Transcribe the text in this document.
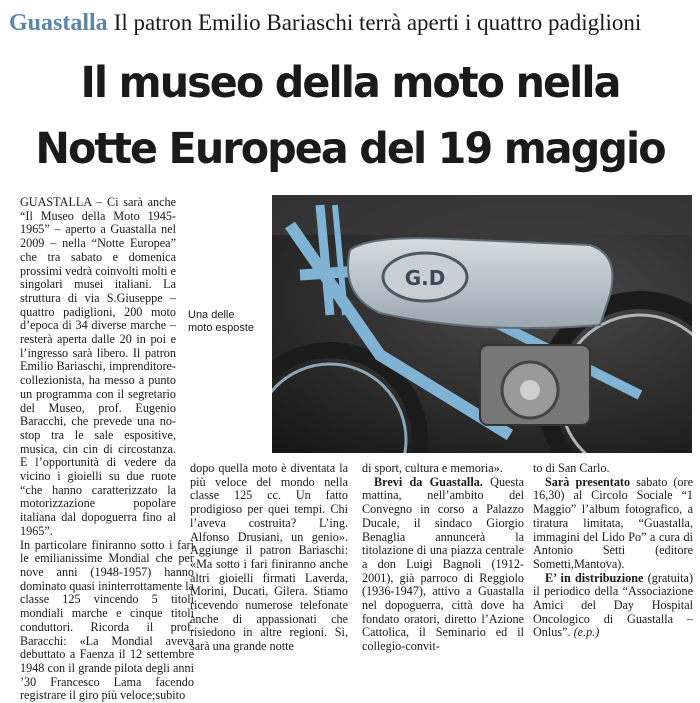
Guastalla Il patron Emilio Bariaschi terrà aperti i quattro padiglioni
Il museo della moto nella
Notte Europea del 19 maggio

GUASTALLA – Ci sarà anche “Il Museo della Moto 1945-1965” – aperto a Guastalla nel 2009 – nella “Notte Europea” che tra sabato e domenica prossimi vedrà coinvolti molti e singolari musei italiani. La struttura di via S.Giuseppe – quattro padiglioni, 200 moto d’epoca di 34 diverse marche – resterà aperta dalle 20 in poi e l’ingresso sarà libero. Il patron Emilio Bariaschi, imprenditore-collezionista, ha messo a punto un programma con il segretario del Museo, prof. Eugenio Baracchi, che prevede una no-stop tra le sale espositive, musica, cin cin di circostanza. E l’opportunità di vedere da vicino i gioielli su due ruote “che hanno caratterizzato la motorizzazione popolare italiana dal dopoguerra fino al 1965”.

In particolare finiranno sotto i fari le emilianissime Mondial che per nove anni (1948-1957) hanno dominato quasi ininterrottamente la classe 125 vincendo 5 titoli mondiali marche e cinque titoli conduttori. Ricorda il prof. Baracchi: «La Mondial aveva debuttato a Faenza il 12 settembre 1948 con il grande pilota degli anni ’30 Francesco Lama facendo registrare il giro più veloce;subito

G.D
Una delle
moto esposte

dopo quella moto è diventata la più veloce del mondo nella classe 125 cc. Un fatto prodigioso per quei tempi. Chi l’aveva costruita? L’ing. Alfonso Drusiani, un genio». Aggiunge il patron Bariaschi: «Ma sotto i fari finiranno anche altri gioielli firmati Laverda, Morini, Ducati, Gilera. Stiamo ricevendo numerose telefonate anche di appassionati che risiedono in altre regioni. Sì, sarà una grande notte

di sport, cultura e memoria».

Brevi da Guastalla. Questa mattina, nell’ambito del Convegno in corso a Palazzo Ducale, il sindaco Giorgio Benaglia annuncerà la titolazione di una piazza centrale a don Luigi Bagnoli (1912-2001), già parroco di Reggiolo (1936-1947), attivo a Guastalla nel dopoguerra, città dove ha fondato oratori, diretto l’Azione Cattolica, il Seminario ed il collegio-convit-

to di San Carlo.

Sarà presentato sabato (ore 16,30) al Circolo Sociale “1 Maggio” l’album fotografico, a tiratura limitata, “Guastalla, immagini del Lido Po” a cura di Antonio Setti (editore Sometti,Mantova).

E’ in distribuzione (gratuita) il periodico della “Associazione Amici del Day Hospital Oncologico di Guastalla – Onlus”. (e.p.)
